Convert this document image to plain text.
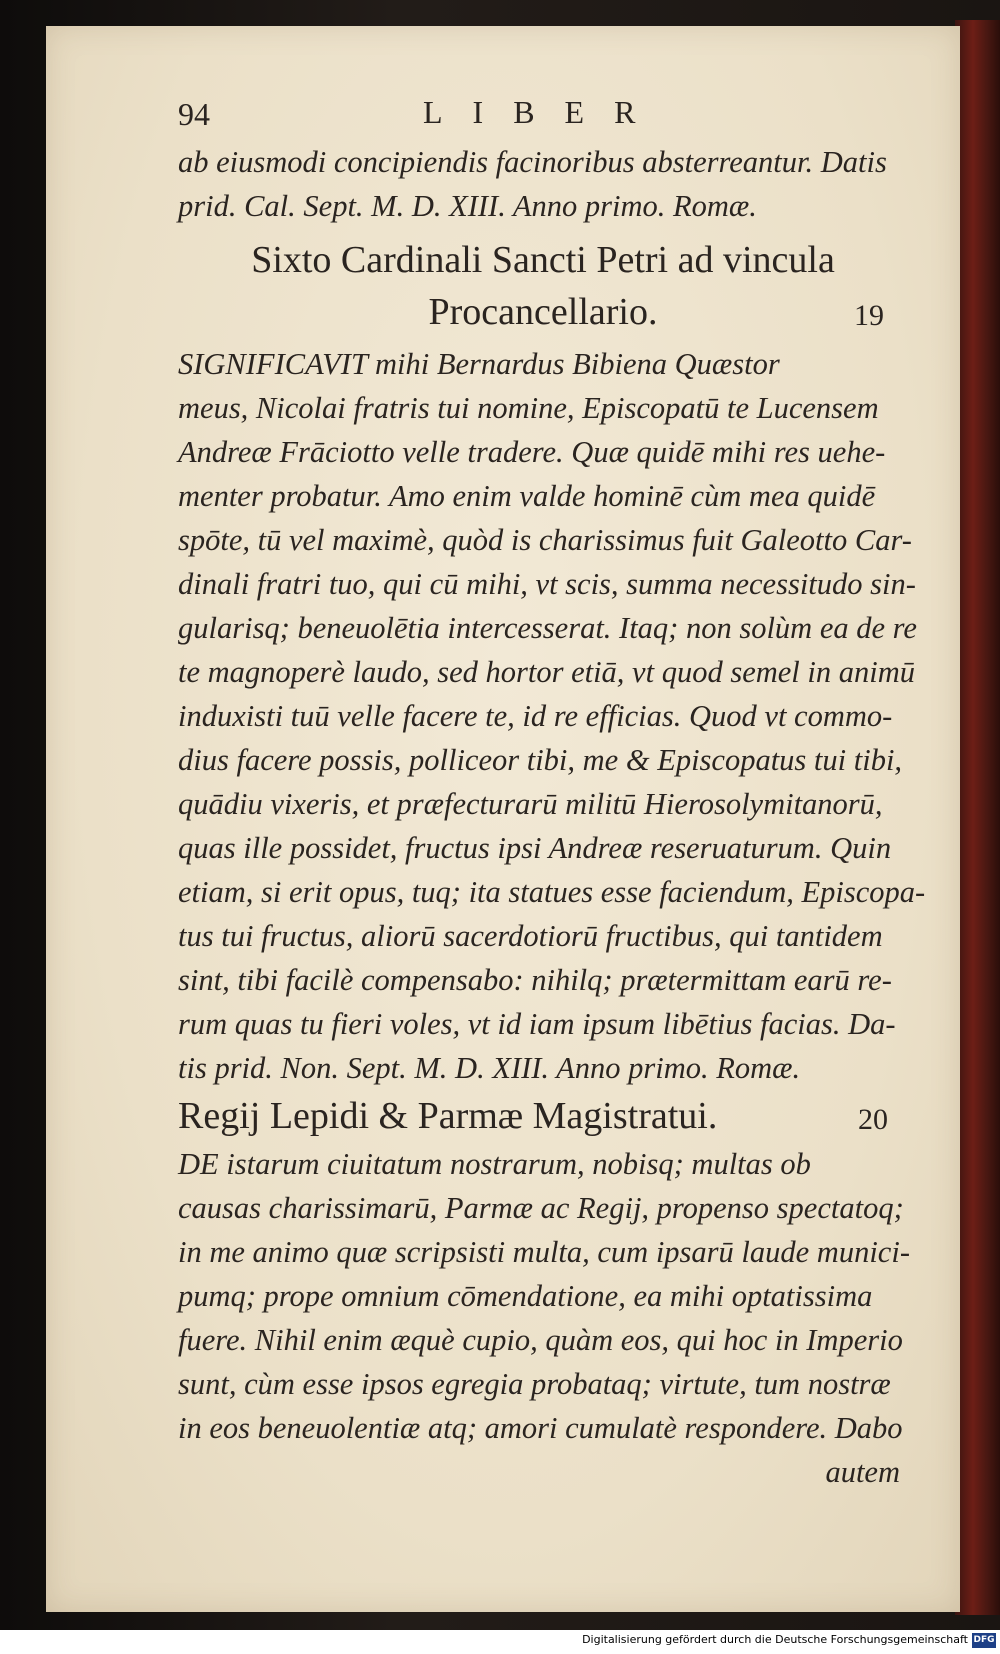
94	LIBER
ab eiusmodi concipiendis facinoribus absterreantur. Datis
prid. Cal. Sept. M. D. XIII. Anno primo. Romæ.
Sixto Cardinali Sancti Petri ad vincula
Procancellario.	19
SIGNIFICAVIT mihi Bernardus Bibiena Quæstor
meus, Nicolai fratris tui nomine, Episcopatū te Lucensem
Andreæ Frāciotto velle tradere. Quæ quidē mihi res uehe-
menter probatur. Amo enim valde hominē cùm mea quidē
spōte, tū vel maximè, quòd is charissimus fuit Galeotto Car-
dinali fratri tuo, qui cū mihi, vt scis, summa necessitudo sin-
gularisq; beneuolētia intercesserat. Itaq; non solùm ea de re
te magnoperè laudo, sed hortor etiā, vt quod semel in animū
induxisti tuū velle facere te, id re efficias. Quod vt commo-
dius facere possis, polliceor tibi, me & Episcopatus tui tibi,
quādiu vixeris, et præfecturarū militū Hierosolymitanorū,
quas ille possidet, fructus ipsi Andreæ reseruaturum. Quin
etiam, si erit opus, tuq; ita statues esse faciendum, Episcopa-
tus tui fructus, aliorū sacerdotiorū fructibus, qui tantidem
sint, tibi facilè compensabo: nihilq; prætermittam earū re-
rum quas tu fieri voles, vt id iam ipsum libētius facias. Da-
tis prid. Non. Sept. M. D. XIII. Anno primo. Romæ.
Regij Lepidi & Parmæ Magistratui.	20
DE istarum ciuitatum nostrarum, nobisq; multas ob
causas charissimarū, Parmæ ac Regij, propenso spectatoq;
in me animo quæ scripsisti multa, cum ipsarū laude munici-
pumq; prope omnium cōmendatione, ea mihi optatissima
fuere. Nihil enim æquè cupio, quàm eos, qui hoc in Imperio
sunt, cùm esse ipsos egregia probataq; virtute, tum nostræ
in eos beneuolentiæ atq; amori cumulatè respondere. Dabo
autem
Digitalisierung gefördert durch die Deutsche Forschungsgemeinschaft DFG
